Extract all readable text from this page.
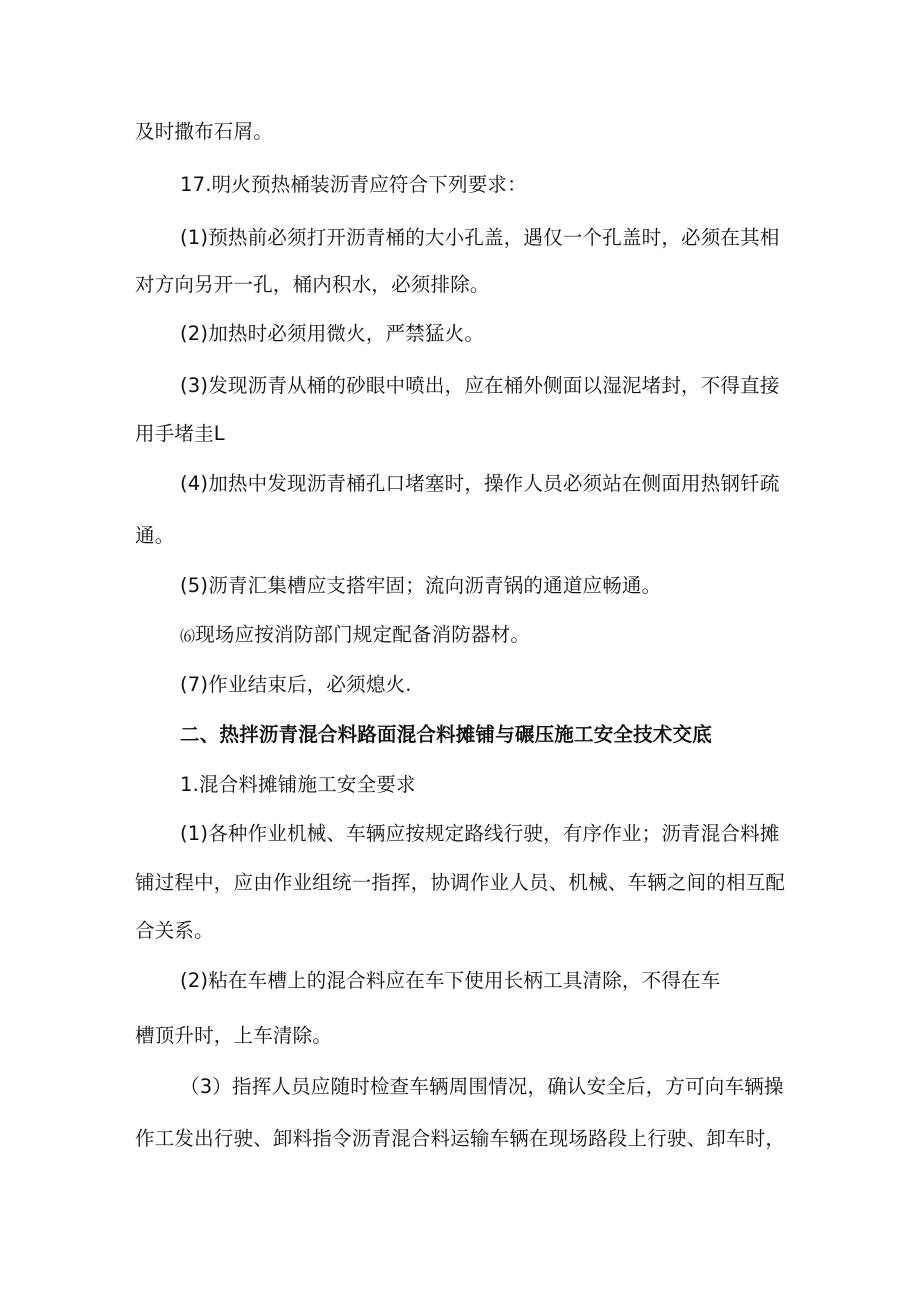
及时撒布石屑。
17.明火预热桶装沥青应符合下列要求：
(1)预热前必须打开沥青桶的大小孔盖，遇仅一个孔盖时，必须在其相
对方向另开一孔，桶内积水，必须排除。
(2)加热时必须用微火，严禁猛火。
(3)发现沥青从桶的砂眼中喷出，应在桶外侧面以湿泥堵封，不得直接
用手堵圭L
(4)加热中发现沥青桶孔口堵塞时，操作人员必须站在侧面用热钢钎疏
通。
(5)沥青汇集槽应支搭牢固；流向沥青锅的通道应畅通。
⑹现场应按消防部门规定配备消防器材。
(7)作业结束后，必须熄火.
二、热拌沥青混合料路面混合料摊铺与碾压施工安全技术交底
1.混合料摊铺施工安全要求
(1)各种作业机械、车辆应按规定路线行驶，有序作业；沥青混合料摊
铺过程中，应由作业组统一指挥，协调作业人员、机械、车辆之间的相互配
合关系。
(2)粘在车槽上的混合料应在车下使用长柄工具清除，不得在车
槽顶升时，上车清除。
（3）指挥人员应随时检查车辆周围情况，确认安全后，方可向车辆操
作工发出行驶、卸料指令沥青混合料运输车辆在现场路段上行驶、卸车时，
